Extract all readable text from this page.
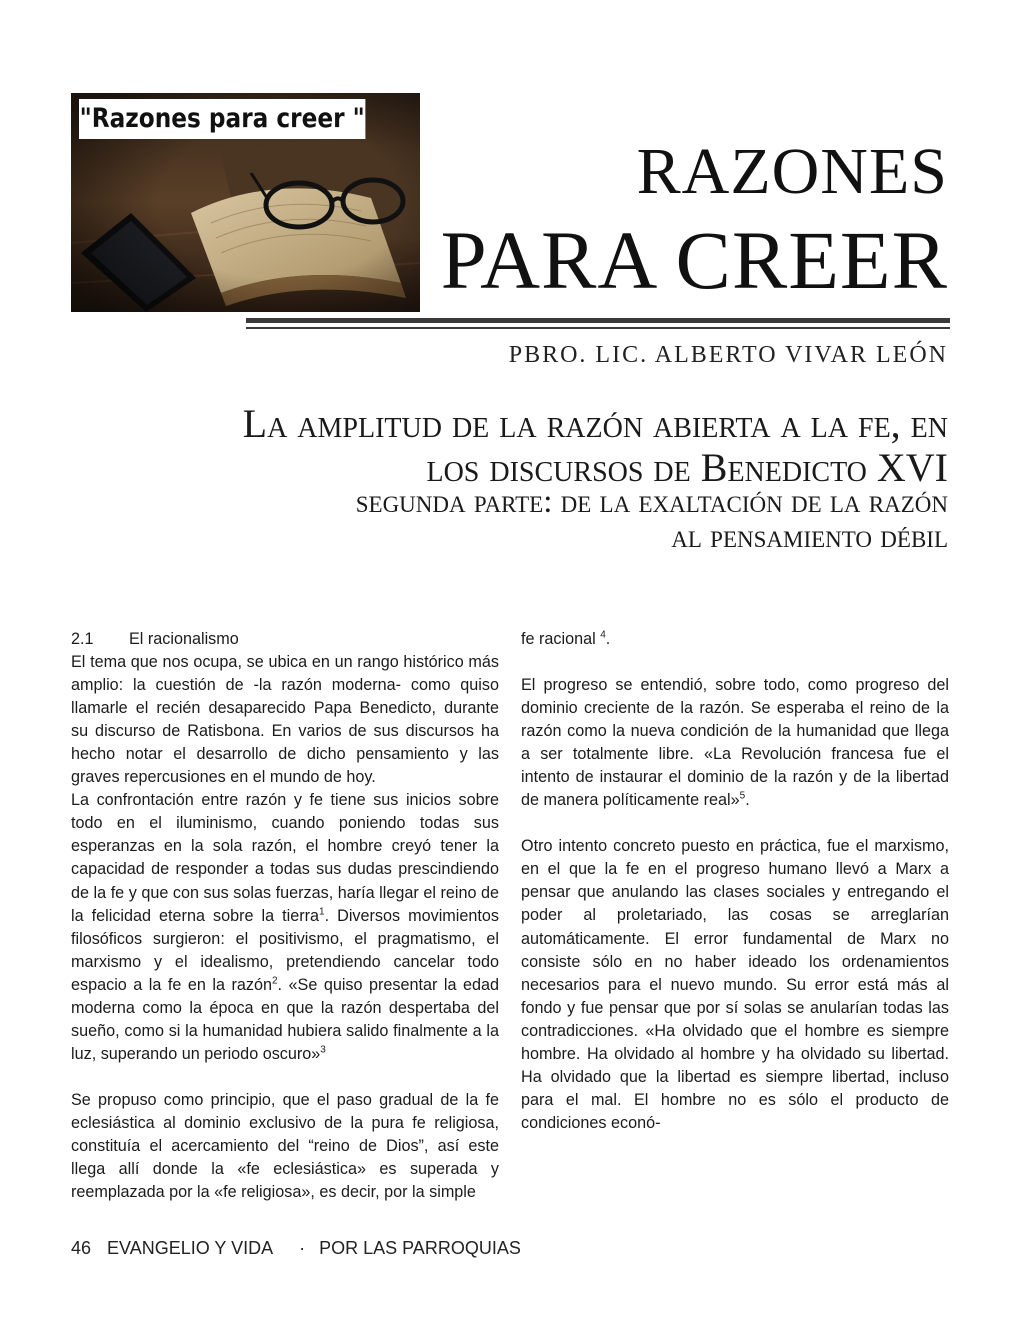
"Razones para creer "
RAZONES
PARA CREER

PBRO. LIC. ALBERTO VIVAR LEÓN

La amplitud de la razón abierta a la fe, en
los discursos de Benedicto XVI
segunda parte: de la exaltación de la razón
al pensamiento débil

2.1 El racionalismo

El tema que nos ocupa, se ubica en un rango histórico más amplio: la cuestión de -la razón moderna- como quiso llamarle el recién desaparecido Papa Benedicto, durante su discurso de Ratisbona. En varios de sus discursos ha hecho notar el desarrollo de dicho pensamiento y las graves repercusiones en el mundo de hoy.

La confrontación entre razón y fe tiene sus inicios sobre todo en el iluminismo, cuando poniendo todas sus esperanzas en la sola razón, el hombre creyó tener la capacidad de responder a todas sus dudas prescindiendo de la fe y que con sus solas fuerzas, haría llegar el reino de la felicidad eterna sobre la tierra$^1$. Diversos movimientos filosóficos surgieron: el positivismo, el pragmatismo, el marxismo y el idealismo, pretendiendo cancelar todo espacio a la fe en la razón$^2$. «Se quiso presentar la edad moderna como la época en que la razón despertaba del sueño, como si la humanidad hubiera salido finalmente a la luz, superando un periodo oscuro»$^3$

Se propuso como principio, que el paso gradual de la fe eclesiástica al dominio exclusivo de la pura fe religiosa, constituía el acercamiento del “reino de Dios”, así este llega allí donde la «fe eclesiástica» es superada y reemplazada por la «fe religiosa», es decir, por la simple

fe racional $^4$.

El progreso se entendió, sobre todo, como progreso del dominio creciente de la razón. Se esperaba el reino de la razón como la nueva condición de la humanidad que llega a ser totalmente libre. «La Revolución francesa fue el intento de instaurar el dominio de la razón y de la libertad de manera políticamente real»$^5$.

Otro intento concreto puesto en práctica, fue el marxismo, en el que la fe en el progreso humano llevó a Marx a pensar que anulando las clases sociales y entregando el poder al proletariado, las cosas se arreglarían automáticamente. El error fundamental de Marx no consiste sólo en no haber ideado los ordenamientos necesarios para el nuevo mundo. Su error está más al fondo y fue pensar que por sí solas se anularían todas las contradicciones. «Ha olvidado que el hombre es siempre hombre. Ha olvidado al hombre y ha olvidado su libertad. Ha olvidado que la libertad es siempre libertad, incluso para el mal. El hombre no es sólo el producto de condiciones econó-

46 EVANGELIO Y VIDA · POR LAS PARROQUIAS
